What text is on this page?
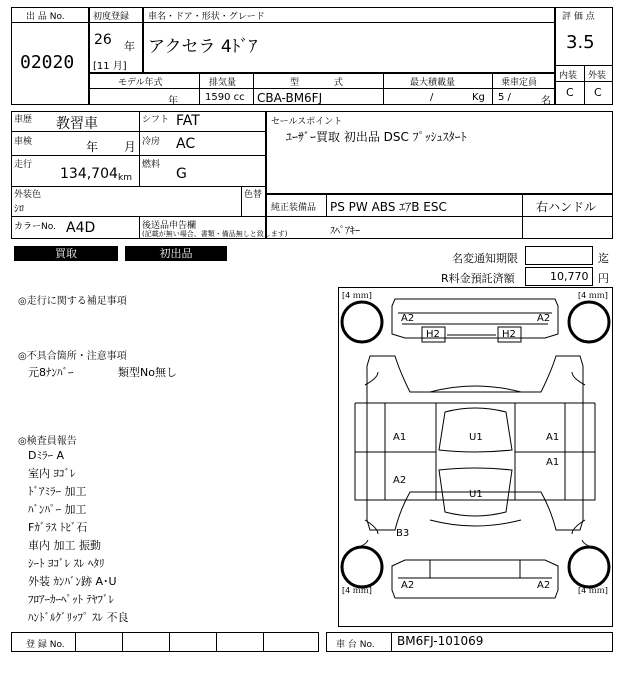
出 品 No.
02020
初度登録
26 年
[11 月]
車名・ドア・形状・グレード
アクセラ 4ﾄﾞｱ
評 価 点
3.5
内装 外装
C C
モデル年式
年
排気量
1590 cc
型 式
CBA-BM6FJ
最大積載量
/	Kg
乗車定員
5 /	名
車歴 教習車	シフト FAT
車検	年 月 冷房 AC
走行
134,704 km
燃料
G
外装色
ｼﾛ
色替
カラーNo. A4D	後送品申告欄
(記載が無い場合、書類・備品無しと致します)
セールスポイント
ﾕｰｻﾞｰ買取 初出品 DSC ﾌﾟｯｼｭｽﾀｰﾄ
純正装備品 PS PW ABS ｴｱB ESC	右ハンドル
ｽﾍﾟｱｷｰ
買取	初出品	名変通知期限	迄
R料金預託済額	10,770 円
◎走行に関する補足事項
◎不具合箇所・注意事項
元8ﾅﾝﾊﾞｰ	類型No無し
◎検査員報告
Dﾐﾗｰ A
室内 ﾖｺﾞﾚ
ﾄﾞｱﾐﾗｰ 加工
ﾊﾞﾝﾊﾟｰ 加工
Fｶﾞﾗｽ ﾄﾋﾞ石
車内 加工 振動
ｼｰﾄ ﾖｺﾞﾚ ｽﾚ ﾍﾀﾘ
外装 ｶﾝﾊﾞﾝ跡 A･U
ﾌﾛｱｰｶｰﾍﾟｯﾄ ﾃﾔﾌﾞﾚ
ﾊﾝﾄﾞﾙｸﾞﾘｯﾌﾟ ｽﾚ 不良
[4 ｍｍ]	[4 ｍｍ]
[4 ｍｍ]	[4 ｍｍ]
A2	A2
H2	H2
A1	U1	A1
A1
A2
U1
B3
A2	A2
登 録 No.	車 台 No. BM6FJ-101069
